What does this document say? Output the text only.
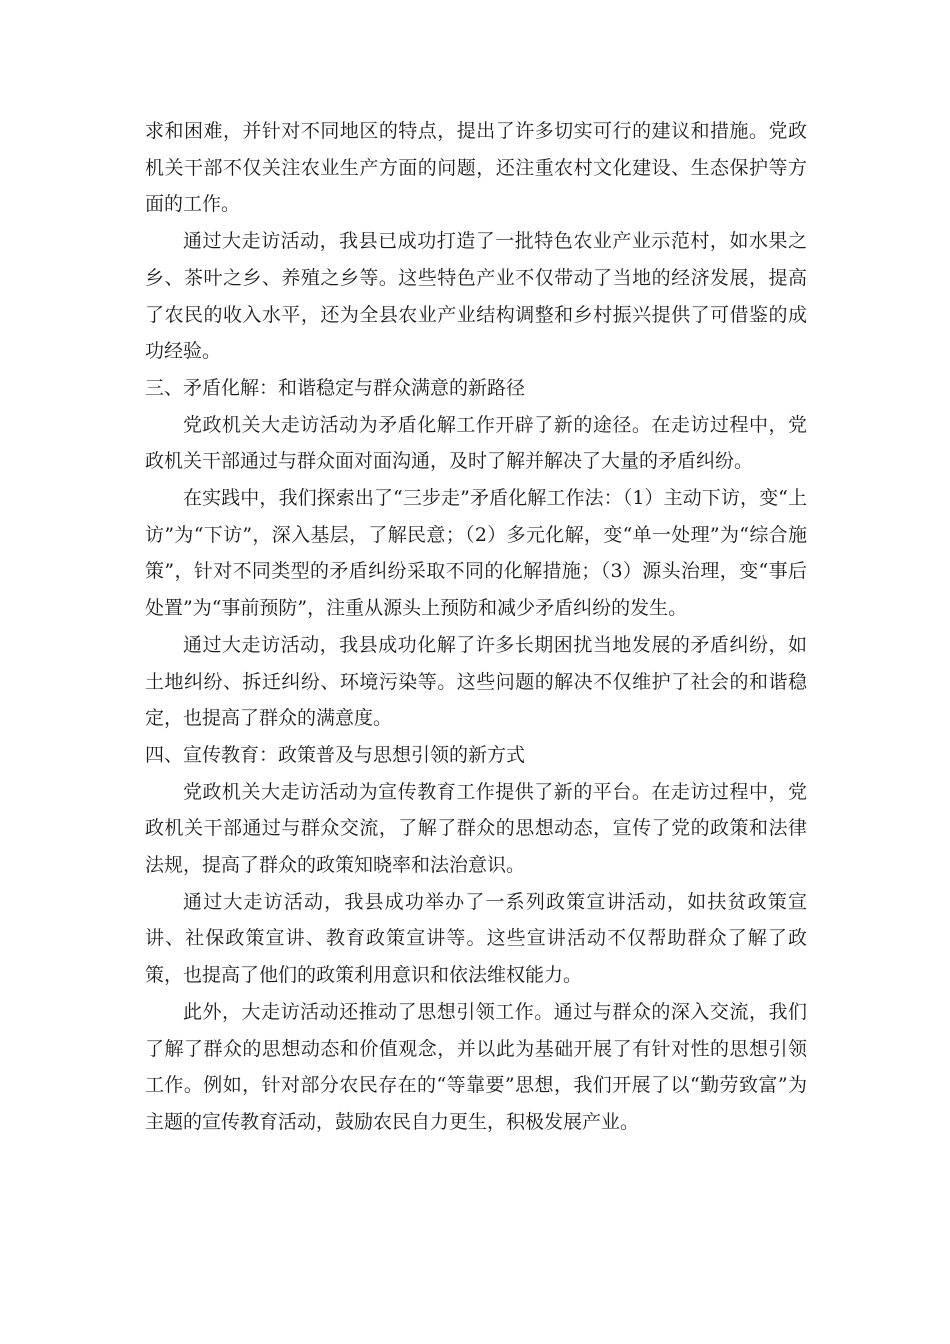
求和困难，并针对不同地区的特点，提出了许多切实可行的建议和措施。党政机关干部不仅关注农业生产方面的问题，还注重农村文化建设、生态保护等方面的工作。

通过大走访活动，我县已成功打造了一批特色农业产业示范村，如水果之乡、茶叶之乡、养殖之乡等。这些特色产业不仅带动了当地的经济发展，提高了农民的收入水平，还为全县农业产业结构调整和乡村振兴提供了可借鉴的成功经验。

三、矛盾化解：和谐稳定与群众满意的新路径

党政机关大走访活动为矛盾化解工作开辟了新的途径。在走访过程中，党政机关干部通过与群众面对面沟通，及时了解并解决了大量的矛盾纠纷。

在实践中，我们探索出了“三步走”矛盾化解工作法：（1）主动下访，变“上访”为“下访”，深入基层，了解民意；（2）多元化解，变“单一处理”为“综合施策”，针对不同类型的矛盾纠纷采取不同的化解措施；（3）源头治理，变“事后处置”为“事前预防”，注重从源头上预防和减少矛盾纠纷的发生。

通过大走访活动，我县成功化解了许多长期困扰当地发展的矛盾纠纷，如土地纠纷、拆迁纠纷、环境污染等。这些问题的解决不仅维护了社会的和谐稳定，也提高了群众的满意度。

四、宣传教育：政策普及与思想引领的新方式

党政机关大走访活动为宣传教育工作提供了新的平台。在走访过程中，党政机关干部通过与群众交流，了解了群众的思想动态，宣传了党的政策和法律法规，提高了群众的政策知晓率和法治意识。

通过大走访活动，我县成功举办了一系列政策宣讲活动，如扶贫政策宣讲、社保政策宣讲、教育政策宣讲等。这些宣讲活动不仅帮助群众了解了政策，也提高了他们的政策利用意识和依法维权能力。

此外，大走访活动还推动了思想引领工作。通过与群众的深入交流，我们了解了群众的思想动态和价值观念，并以此为基础开展了有针对性的思想引领工作。例如，针对部分农民存在的“等靠要”思想，我们开展了以“勤劳致富”为主题的宣传教育活动，鼓励农民自力更生，积极发展产业。
